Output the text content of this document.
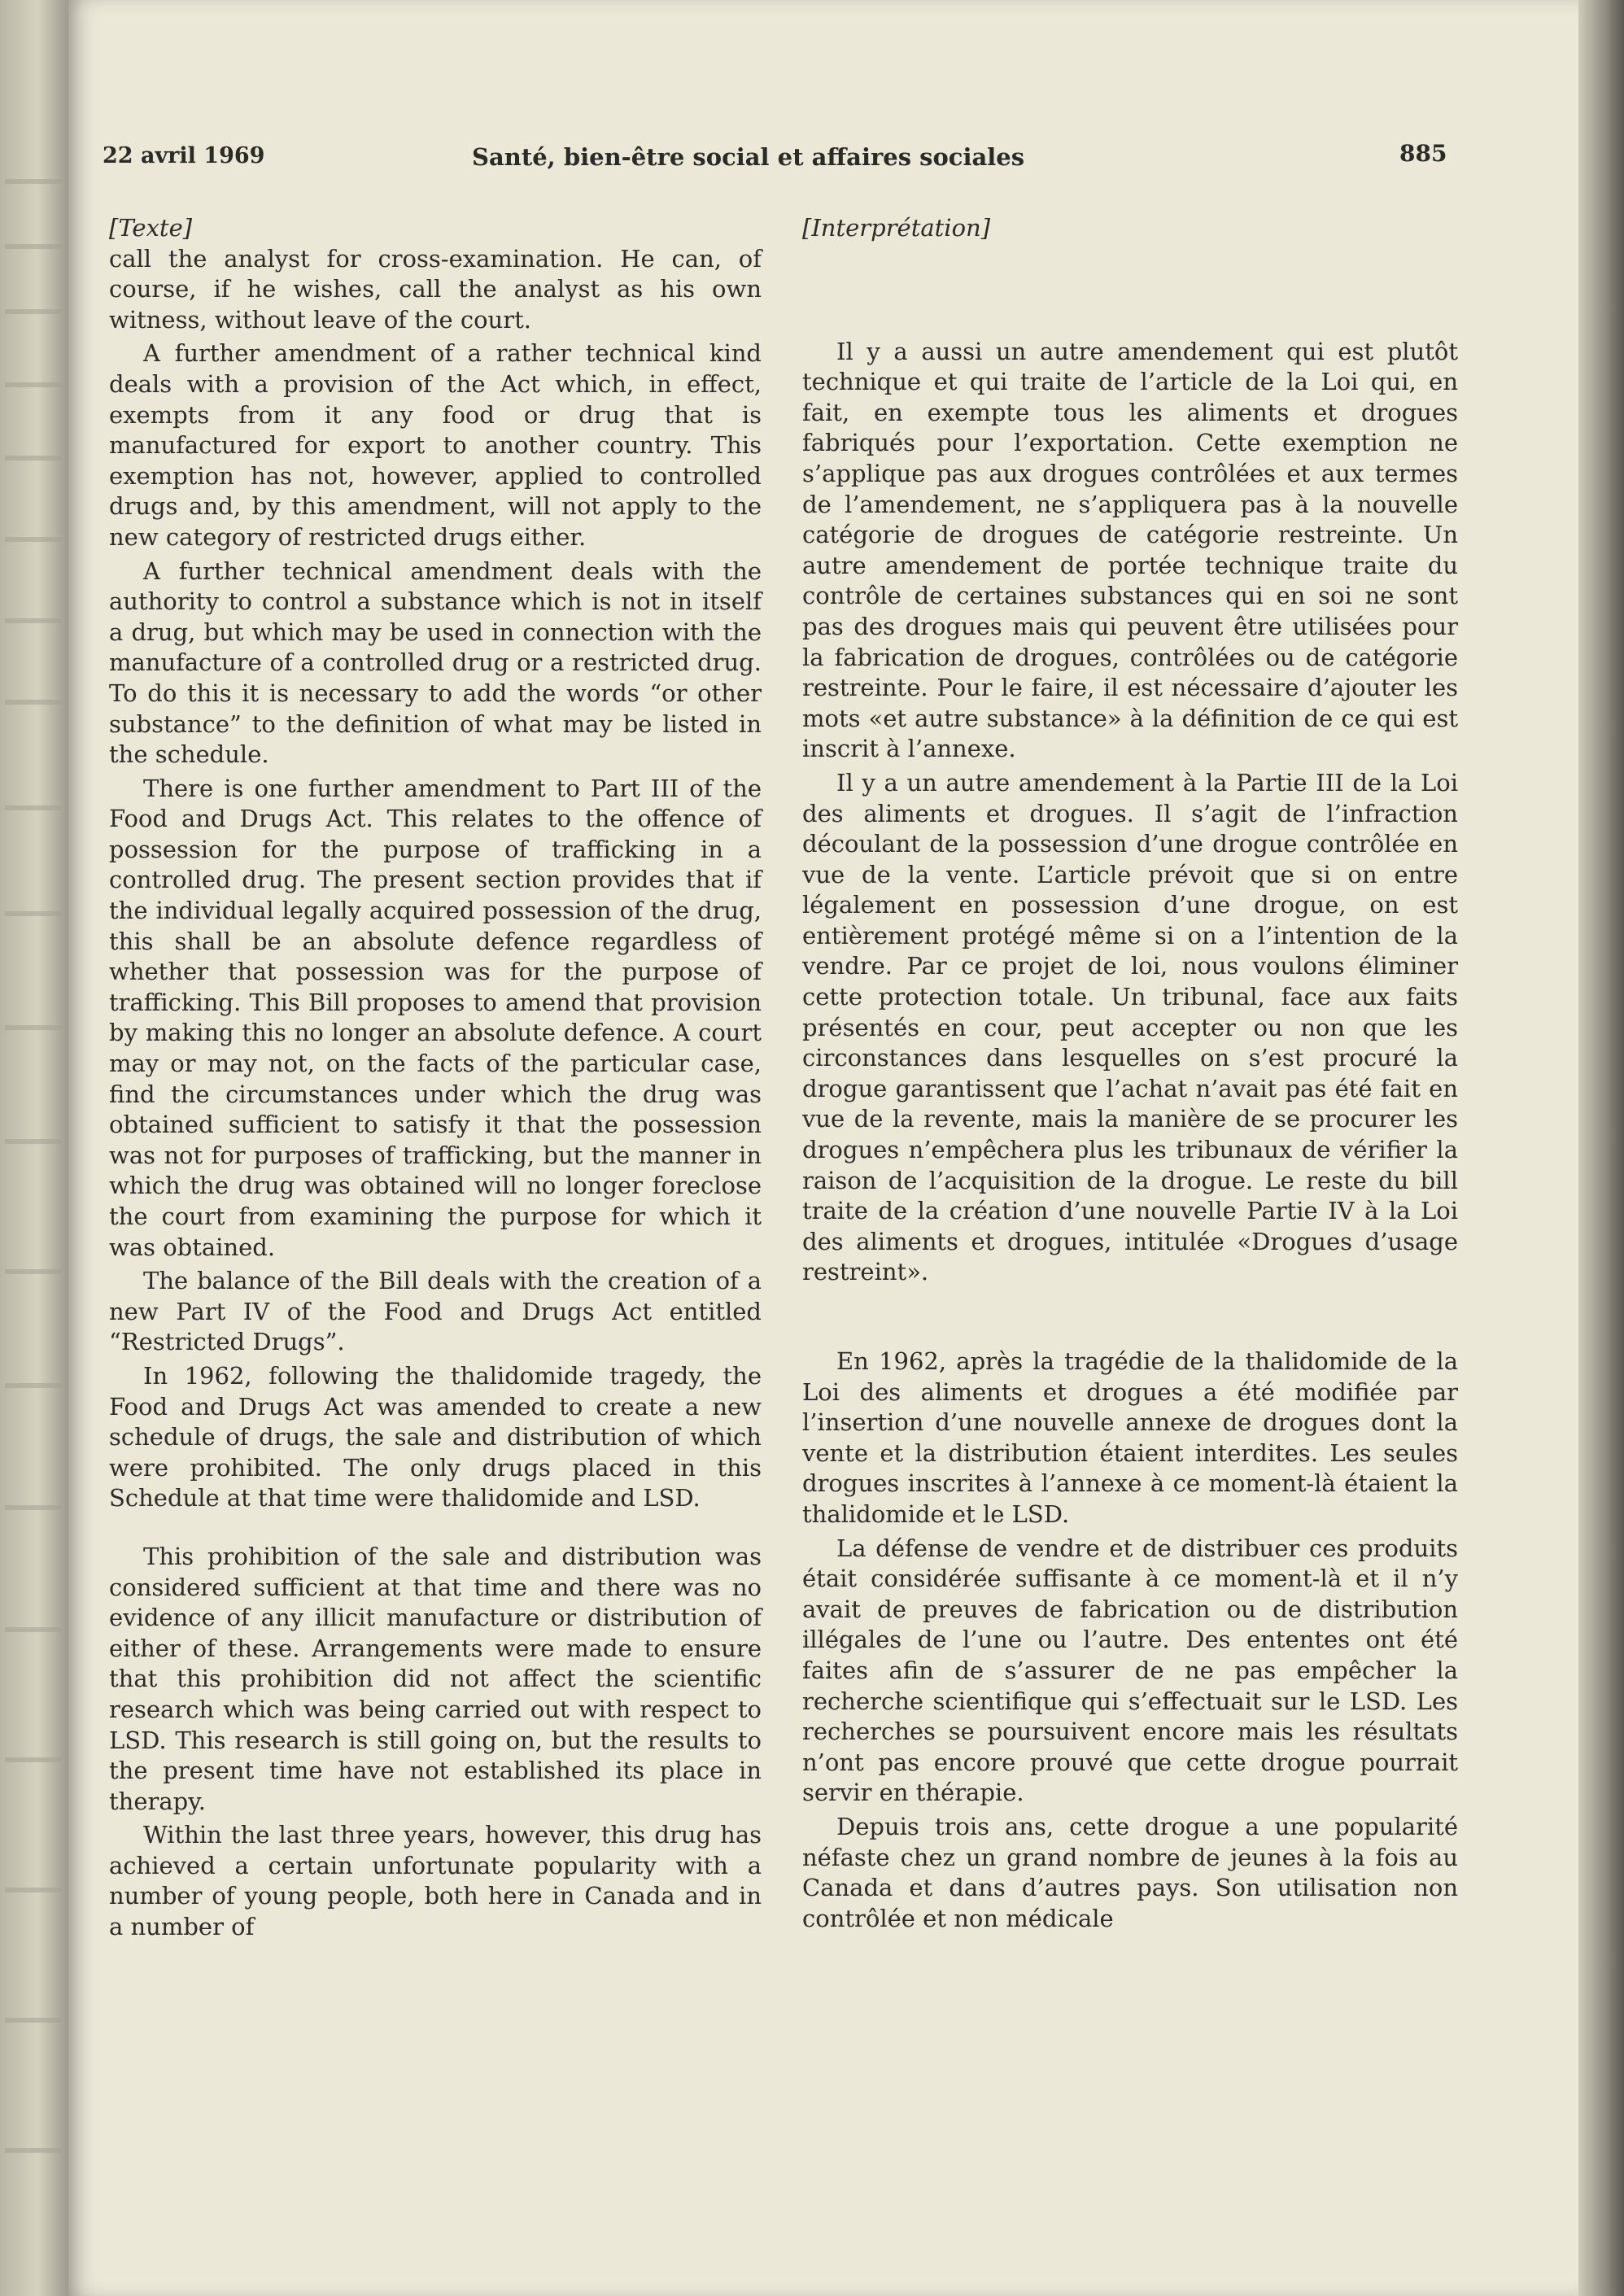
22 avril 1969	Santé, bien-être social et affaires sociales	885

[Texte]

call the analyst for cross-examination. He can, of course, if he wishes, call the analyst as his own witness, without leave of the court.

A further amendment of a rather technical kind deals with a provision of the Act which, in effect, exempts from it any food or drug that is manufactured for export to another country. This exemption has not, however, applied to controlled drugs and, by this amendment, will not apply to the new category of restricted drugs either.

A further technical amendment deals with the authority to control a substance which is not in itself a drug, but which may be used in connection with the manufacture of a controlled drug or a restricted drug. To do this it is necessary to add the words “or other substance” to the definition of what may be listed in the schedule.

There is one further amendment to Part III of the Food and Drugs Act. This relates to the offence of possession for the purpose of trafficking in a controlled drug. The present section provides that if the individual legally acquired possession of the drug, this shall be an absolute defence regardless of whether that possession was for the purpose of trafficking. This Bill proposes to amend that provision by making this no longer an absolute defence. A court may or may not, on the facts of the particular case, find the circumstances under which the drug was obtained sufficient to satisfy it that the possession was not for purposes of trafficking, but the manner in which the drug was obtained will no longer foreclose the court from examining the purpose for which it was obtained.

The balance of the Bill deals with the creation of a new Part IV of the Food and Drugs Act entitled “Restricted Drugs”.

In 1962, following the thalidomide tragedy, the Food and Drugs Act was amended to create a new schedule of drugs, the sale and distribution of which were prohibited. The only drugs placed in this Schedule at that time were thalidomide and LSD.

This prohibition of the sale and distribution was considered sufficient at that time and there was no evidence of any illicit manufacture or distribution of either of these. Arrangements were made to ensure that this prohibition did not affect the scientific research which was being carried out with respect to LSD. This research is still going on, but the results to the present time have not established its place in therapy.

Within the last three years, however, this drug has achieved a certain unfortunate popularity with a number of young people, both here in Canada and in a number of

[Interprétation]

Il y a aussi un autre amendement qui est plutôt technique et qui traite de l’article de la Loi qui, en fait, en exempte tous les aliments et drogues fabriqués pour l’exportation. Cette exemption ne s’applique pas aux drogues contrôlées et aux termes de l’amendement, ne s’appliquera pas à la nouvelle catégorie de drogues de catégorie restreinte. Un autre amendement de portée technique traite du contrôle de certaines substances qui en soi ne sont pas des drogues mais qui peuvent être utilisées pour la fabrication de drogues, contrôlées ou de catégorie restreinte. Pour le faire, il est nécessaire d’ajouter les mots «et autre substance» à la définition de ce qui est inscrit à l’annexe.

Il y a un autre amendement à la Partie III de la Loi des aliments et drogues. Il s’agit de l’infraction découlant de la possession d’une drogue contrôlée en vue de la vente. L’article prévoit que si on entre légalement en possession d’une drogue, on est entièrement protégé même si on a l’intention de la vendre. Par ce projet de loi, nous voulons éliminer cette protection totale. Un tribunal, face aux faits présentés en cour, peut accepter ou non que les circonstances dans lesquelles on s’est procuré la drogue garantissent que l’achat n’avait pas été fait en vue de la revente, mais la manière de se procurer les drogues n’empêchera plus les tribunaux de vérifier la raison de l’acquisition de la drogue. Le reste du bill traite de la création d’une nouvelle Partie IV à la Loi des aliments et drogues, intitulée «Drogues d’usage restreint».

En 1962, après la tragédie de la thalidomide de la Loi des aliments et drogues a été modifiée par l’insertion d’une nouvelle annexe de drogues dont la vente et la distribution étaient interdites. Les seules drogues inscrites à l’annexe à ce moment-là étaient la thalidomide et le LSD.

La défense de vendre et de distribuer ces produits était considérée suffisante à ce moment-là et il n’y avait de preuves de fabrication ou de distribution illégales de l’une ou l’autre. Des ententes ont été faites afin de s’assurer de ne pas empêcher la recherche scientifique qui s’effectuait sur le LSD. Les recherches se poursuivent encore mais les résultats n’ont pas encore prouvé que cette drogue pourrait servir en thérapie.

Depuis trois ans, cette drogue a une popularité néfaste chez un grand nombre de jeunes à la fois au Canada et dans d’autres pays. Son utilisation non contrôlée et non médicale
